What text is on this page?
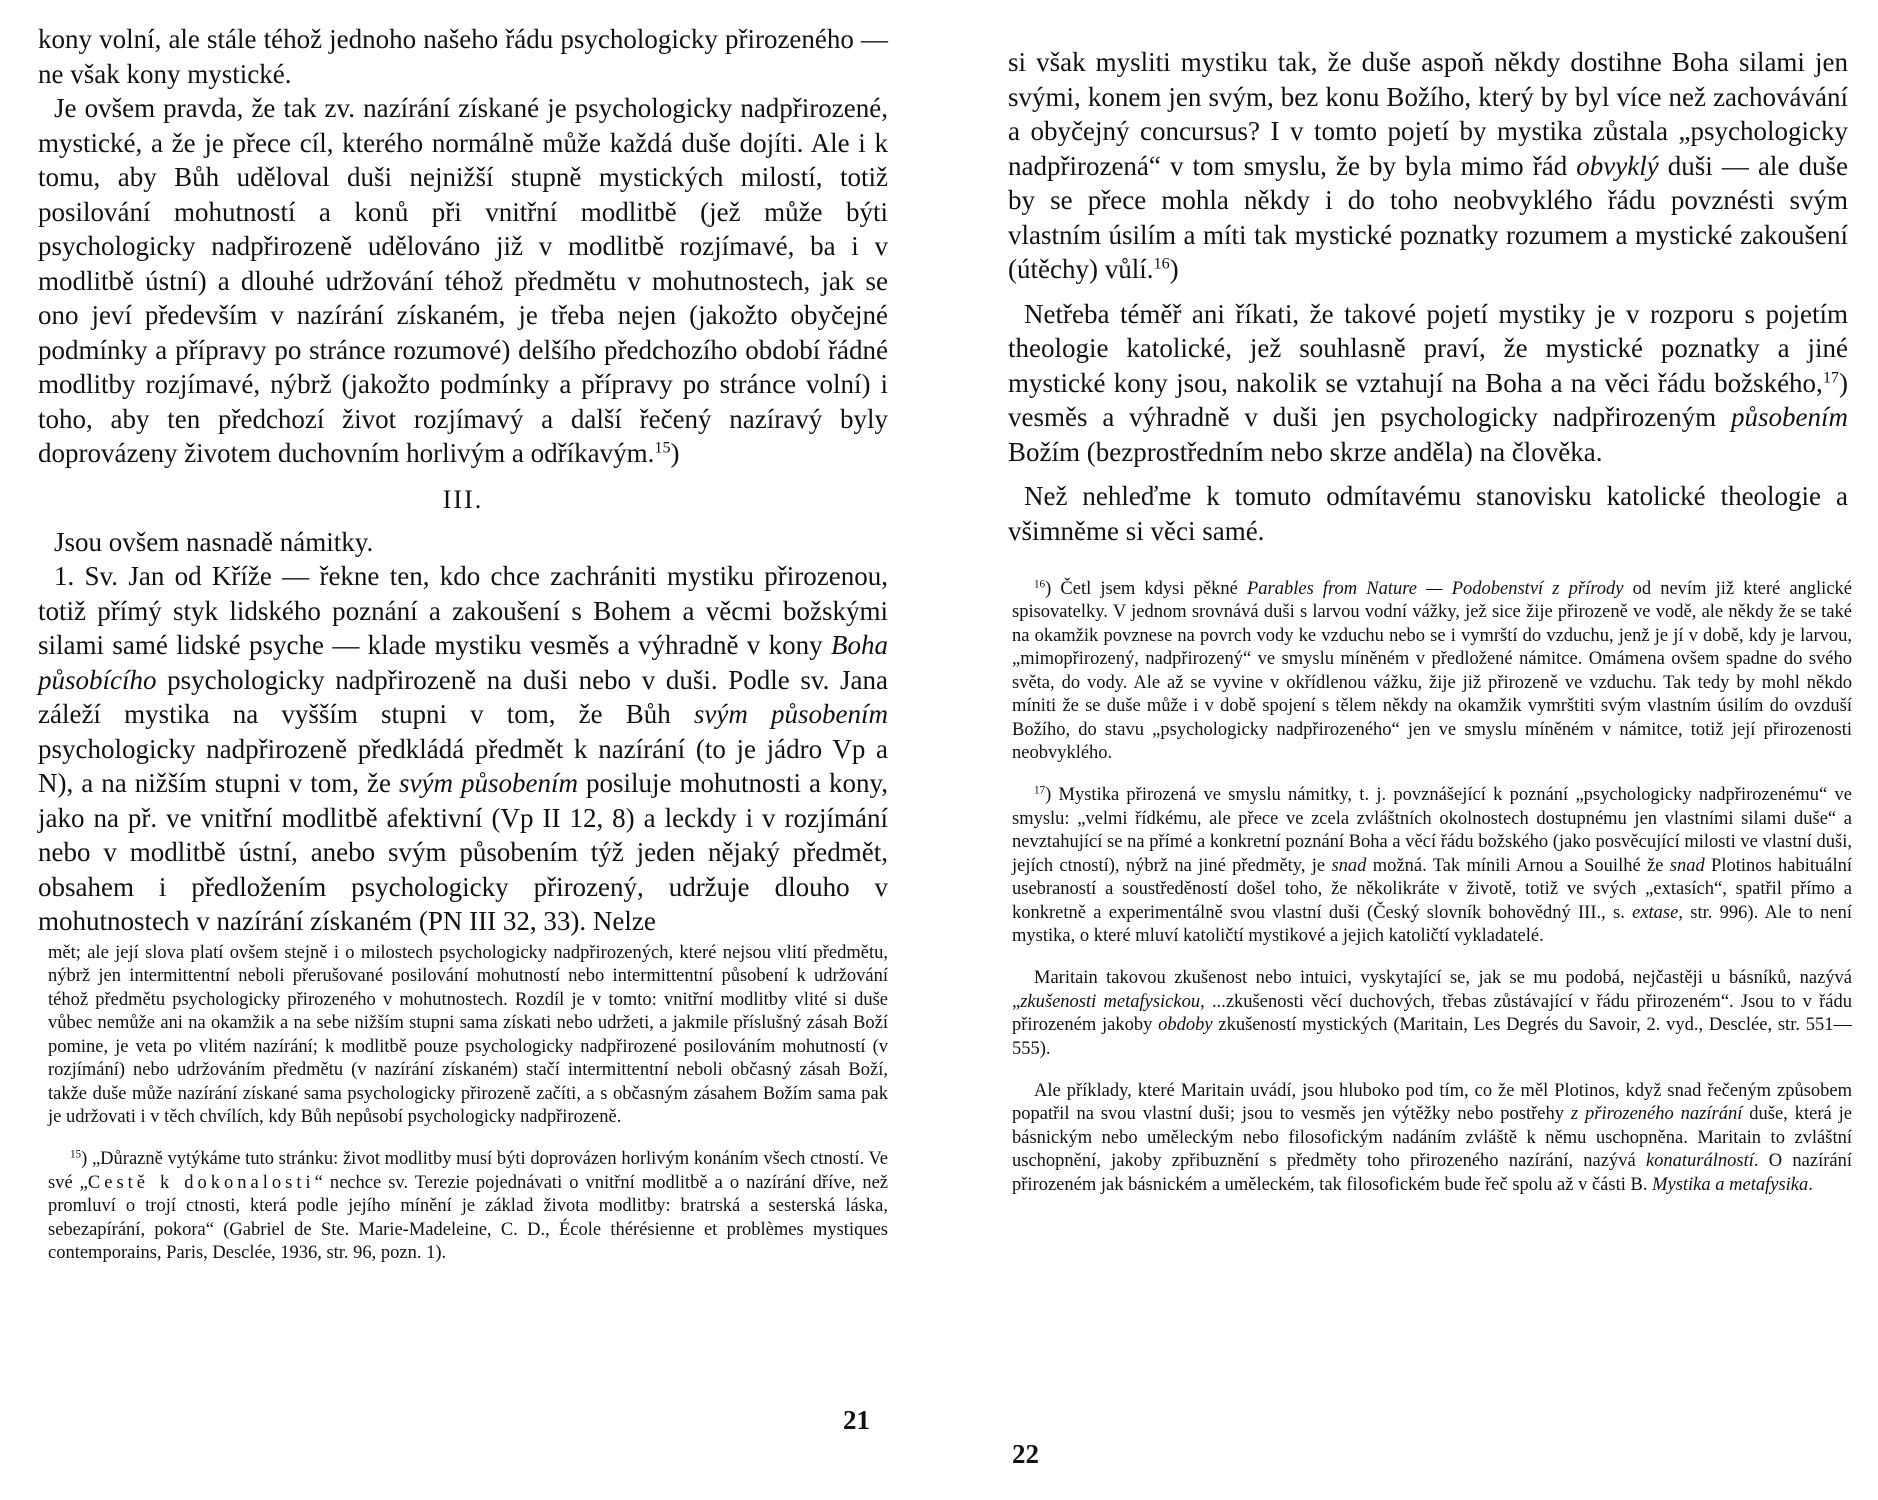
kony volní, ale stále téhož jednoho našeho řádu psychologicky přirozeného — ne však kony mystické.

Je ovšem pravda, že tak zv. nazírání získané je psychologicky nadpřirozené, mystické, a že je přece cíl, kterého normálně může každá duše dojíti. Ale i k tomu, aby Bůh uděloval duši nejnižší stupně mystických milostí, totiž posilování mohutností a konů při vnitřní modlitbě (jež může býti psychologicky nadpřirozeně udělováno již v modlitbě rozjímavé, ba i v modlitbě ústní) a dlouhé udržování téhož předmětu v mohutnostech, jak se ono jeví především v nazírání získaném, je třeba nejen (jakožto obyčejné podmínky a přípravy po stránce rozumové) delšího předchozího období řádné modlitby rozjímavé, nýbrž (jakožto podmínky a přípravy po stránce volní) i toho, aby ten předchozí život rozjímavý a další řečený nazíravý byly doprovázeny životem duchovním horlivým a odříkavým.$^{15}$)

III.

Jsou ovšem nasnadě námitky.

1. Sv. Jan od Kříže — řekne ten, kdo chce zachrániti mystiku přirozenou, totiž přímý styk lidského poznání a zakoušení s Bohem a věcmi božskými silami samé lidské psyche — klade mystiku vesměs a výhradně v kony Boha působícího psychologicky nadpřirozeně na duši nebo v duši. Podle sv. Jana záleží mystika na vyšším stupni v tom, že Bůh svým působením psychologicky nadpřirozeně předkládá předmět k nazírání (to je jádro Vp a N), a na nižším stupni v tom, že svým působením posiluje mohutnosti a kony, jako na př. ve vnitřní modlitbě afektivní (Vp II 12, 8) a leckdy i v rozjímání nebo v modlitbě ústní, anebo svým působením týž jeden nějaký předmět, obsahem i předložením psychologicky přirozený, udržuje dlouho v mohutnostech v nazírání získaném (PN III 32, 33). Nelze

mět; ale její slova platí ovšem stejně i o milostech psychologicky nadpřirozených, které nejsou vlití předmětu, nýbrž jen intermittentní neboli přerušované posilování mohutností nebo intermittentní působení k udržování téhož předmětu psychologicky přirozeného v mohutnostech. Rozdíl je v tomto: vnitřní modlitby vlité si duše vůbec nemůže ani na okamžik a na sebe nižším stupni sama získati nebo udržeti, a jakmile příslušný zásah Boží pomine, je veta po vlitém nazírání; k modlitbě pouze psychologicky nadpřirozené posilováním mohutností (v rozjímání) nebo udržováním předmětu (v nazírání získaném) stačí intermittentní neboli občasný zásah Boží, takže duše může nazírání získané sama psychologicky přirozeně začíti, a s občasným zásahem Božím sama pak je udržovati i v těch chvílích, kdy Bůh nepůsobí psychologicky nadpřirozeně.

$^{15}$) „Důrazně vytýkáme tuto stránku: život modlitby musí býti doprovázen horlivým konáním všech ctností. Ve své „Cestě k dokonalosti“ nechce sv. Terezie pojednávati o vnitřní modlitbě a o nazírání dříve, než promluví o trojí ctnosti, která podle jejího mínění je základ života modlitby: bratrská a sesterská láska, sebezapírání, pokora“ (Gabriel de Ste. Marie-Madeleine, C. D., École thérésienne et problèmes mystiques contemporains, Paris, Desclée, 1936, str. 96, pozn. 1).

21

si však mysliti mystiku tak, že duše aspoň někdy dostihne Boha silami jen svými, konem jen svým, bez konu Božího, který by byl více než zachovávání a obyčejný concursus? I v tomto pojetí by mystika zůstala „psychologicky nadpřirozená“ v tom smyslu, že by byla mimo řád obvyklý duši — ale duše by se přece mohla někdy i do toho neobvyklého řádu povznésti svým vlastním úsilím a míti tak mystické poznatky rozumem a mystické zakoušení (útěchy) vůlí.$^{16}$)

Netřeba téměř ani říkati, že takové pojetí mystiky je v rozporu s pojetím theologie katolické, jež souhlasně praví, že mystické poznatky a jiné mystické kony jsou, nakolik se vztahují na Boha a na věci řádu božského,$^{17}$) vesměs a výhradně v duši jen psychologicky nadpřirozeným působením Božím (bezprostředním nebo skrze anděla) na člověka.

Než nehleďme k tomuto odmítavému stanovisku katolické theologie a všimněme si věci samé.

$^{16}$) Četl jsem kdysi pěkné Parables from Nature — Podobenství z přírody od nevím již které anglické spisovatelky. V jednom srovnává duši s larvou vodní vážky, jež sice žije přirozeně ve vodě, ale někdy že se také na okamžik povznese na povrch vody ke vzduchu nebo se i vymrští do vzduchu, jenž je jí v době, kdy je larvou, „mimopřirozený, nadpřirozený“ ve smyslu míněném v předložené námitce. Omámena ovšem spadne do svého světa, do vody. Ale až se vyvine v okřídlenou vážku, žije již přirozeně ve vzduchu. Tak tedy by mohl někdo míniti že se duše může i v době spojení s tělem někdy na okamžik vymrštiti svým vlastním úsilím do ovzduší Božího, do stavu „psychologicky nadpřirozeného“ jen ve smyslu míněném v námitce, totiž její přirozenosti neobvyklého.

$^{17}$) Mystika přirozená ve smyslu námitky, t. j. povznášející k poznání „psychologicky nadpřirozenému“ ve smyslu: „velmi řídkému, ale přece ve zcela zvláštních okolnostech dostupnému jen vlastními silami duše“ a nevztahující se na přímé a konkretní poznání Boha a věcí řádu božského (jako posvěcující milosti ve vlastní duši, jejích ctností), nýbrž na jiné předměty, je snad možná. Tak mínili Arnou a Souilhé že snad Plotinos habituální usebraností a soustředěností došel toho, že několikráte v životě, totiž ve svých „extasích“, spatřil přímo a konkretně a experimentálně svou vlastní duši (Český slovník bohovědný III., s. extase, str. 996). Ale to není mystika, o které mluví katoličtí mystikové a jejich katoličtí vykladatelé.

Maritain takovou zkušenost nebo intuici, vyskytající se, jak se mu podobá, nejčastěji u básníků, nazývá „zkušenosti metafysickou, ...zkušenosti věcí duchových, třebas zůstávající v řádu přirozeném“. Jsou to v řádu přirozeném jakoby obdoby zkušeností mystických (Maritain, Les Degrés du Savoir, 2. vyd., Desclée, str. 551—555).

Ale příklady, které Maritain uvádí, jsou hluboko pod tím, co že měl Plotinos, když snad řečeným způsobem popatřil na svou vlastní duši; jsou to vesměs jen výtěžky nebo postřehy z přirozeného nazírání duše, která je básnickým nebo uměleckým nebo filosofickým nadáním zvláště k němu uschopněna. Maritain to zvláštní uschopnění, jakoby zpřibuznění s předměty toho přirozeného nazírání, nazývá konaturálností. O nazírání přirozeném jak básnickém a uměleckém, tak filosofickém bude řeč spolu až v části B. Mystika a metafysika.

22
